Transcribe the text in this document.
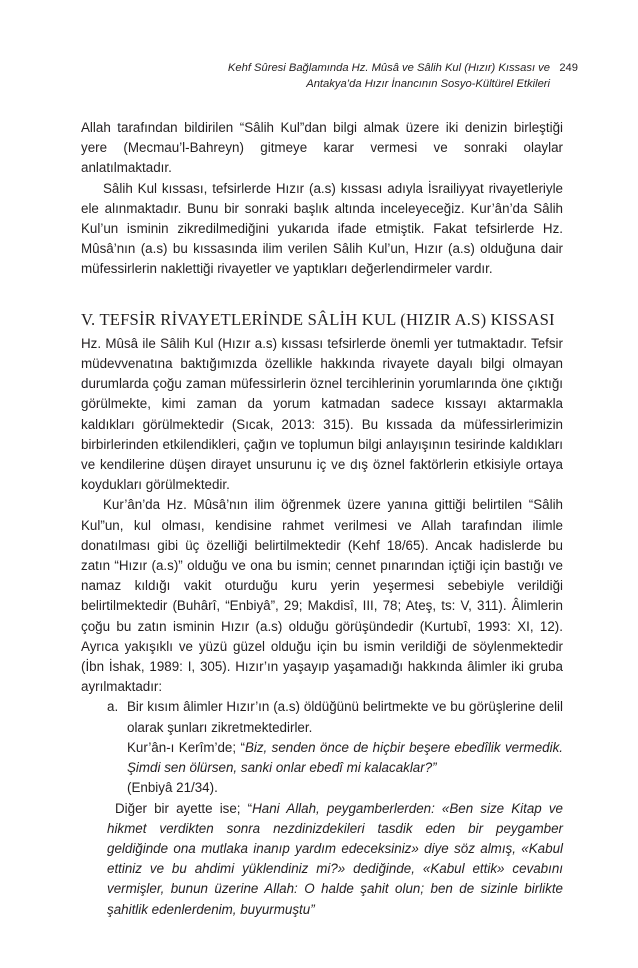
Kehf Sûresi Bağlamında Hz. Mûsâ ve Sâlih Kul (Hızır) Kıssası ve
Antakya’da Hızır İnancının Sosyo-Kültürel Etkileri
249

Allah tarafından bildirilen “Sâlih Kul”dan bilgi almak üzere iki denizin birleştiği yere (Mecmau’l-Bahreyn) gitmeye karar vermesi ve sonraki olaylar anlatılmaktadır.

Sâlih Kul kıssası, tefsirlerde Hızır (a.s) kıssası adıyla İsrailiyyat rivayetleriyle ele alınmaktadır. Bunu bir sonraki başlık altında inceleyeceğiz. Kur’ân’da Sâlih Kul’un isminin zikredilmediğini yukarıda ifade etmiştik. Fakat tefsirlerde Hz. Mûsâ’nın (a.s) bu kıssasında ilim verilen Sâlih Kul’un, Hızır (a.s) olduğuna dair müfessirlerin naklettiği rivayetler ve yaptıkları değerlendirmeler vardır.

V. TEFSİR RİVAYETLERİNDE SÂLİH KUL (HIZIR A.S) KISSASI

Hz. Mûsâ ile Sâlih Kul (Hızır a.s) kıssası tefsirlerde önemli yer tutmaktadır. Tefsir müdevvenatına baktığımızda özellikle hakkında rivayete dayalı bilgi olmayan durumlarda çoğu zaman müfessirlerin öznel tercihlerinin yorumlarında öne çıktığı görülmekte, kimi zaman da yorum katmadan sadece kıssayı aktarmakla kaldıkları görülmektedir (Sıcak, 2013: 315). Bu kıssada da müfessirlerimizin birbirlerinden etkilendikleri, çağın ve toplumun bilgi anlayışının tesirinde kaldıkları ve kendilerine düşen dirayet unsurunu iç ve dış öznel faktörlerin etkisiyle ortaya koydukları görülmektedir.

Kur’ân’da Hz. Mûsâ’nın ilim öğrenmek üzere yanına gittiği belirtilen “Sâlih Kul”un, kul olması, kendisine rahmet verilmesi ve Allah tarafından ilimle donatılması gibi üç özelliği belirtilmektedir (Kehf 18/65). Ancak hadislerde bu zatın “Hızır (a.s)” olduğu ve ona bu ismin; cennet pınarından içtiği için bastığı ve namaz kıldığı vakit oturduğu kuru yerin yeşermesi sebebiyle verildiği belirtilmektedir (Buhârî, “Enbiyâ”, 29; Makdisî, III, 78; Ateş, ts: V, 311). Âlimlerin çoğu bu zatın isminin Hızır (a.s) olduğu görüşündedir (Kurtubî, 1993: XI, 12). Ayrıca yakışıklı ve yüzü güzel olduğu için bu ismin verildiği de söylenmektedir (İbn İshak, 1989: I, 305). Hızır’ın yaşayıp yaşamadığı hakkında âlimler iki gruba ayrılmaktadır:

a. Bir kısım âlimler Hızır’ın (a.s) öldüğünü belirtmekte ve bu görüşlerine delil olarak şunları zikretmektedirler.

Kur’ân-ı Kerîm’de; “Biz, senden önce de hiçbir beşere ebedîlik vermedik. Şimdi sen ölürsen, sanki onlar ebedî mi kalacaklar?”
(Enbiyâ 21/34).

Diğer bir ayette ise; “Hani Allah, peygamberlerden: «Ben size Kitap ve hikmet verdikten sonra nezdinizdekileri tasdik eden bir peygamber geldiğinde ona mutlaka inanıp yardım edeceksiniz» diye söz almış, «Kabul ettiniz ve bu ahdimi yüklendiniz mi?» dediğinde, «Kabul ettik» cevabını vermişler, bunun üzerine Allah: O halde şahit olun; ben de sizinle birlikte şahitlik edenlerdenim, buyurmuştu”
